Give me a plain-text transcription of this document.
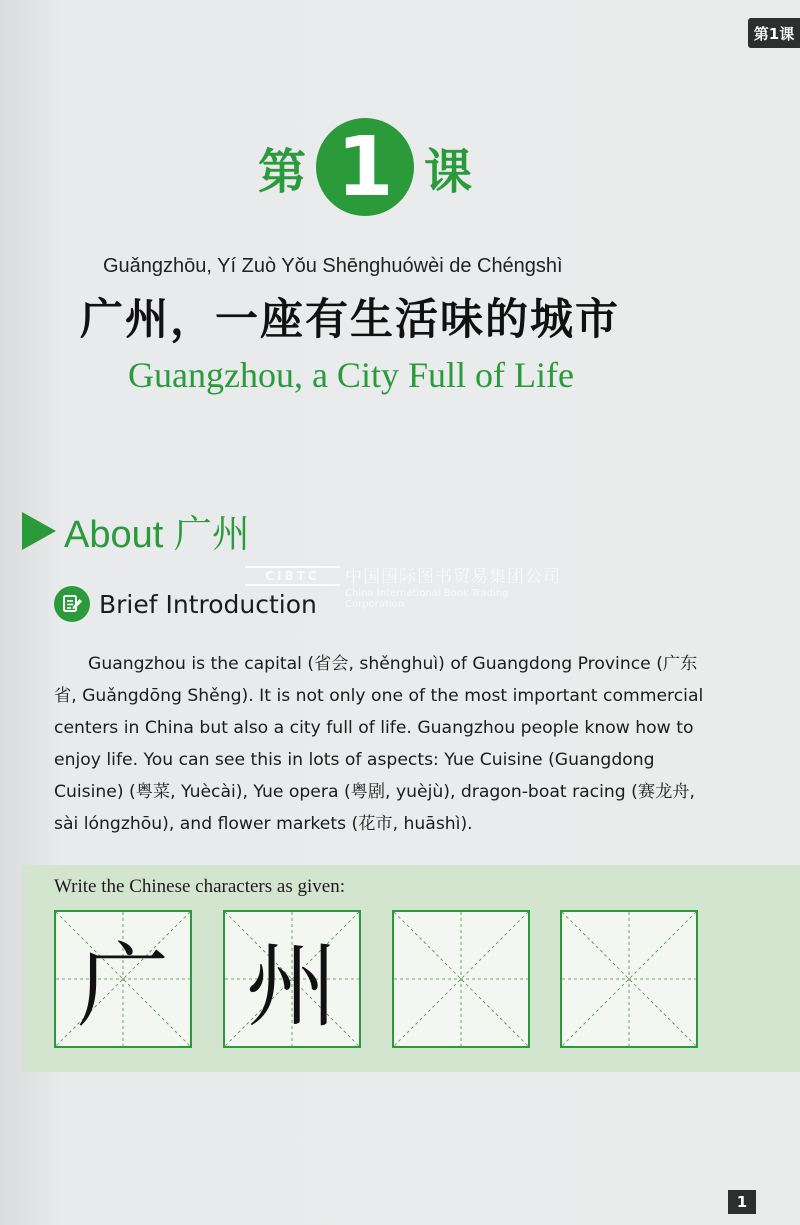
第1课
第 1 课
Guǎngzhōu, Yí Zuò Yǒu Shēnghuówèi de Chéngshì
广州，一座有生活味的城市
Guangzhou, a City Full of Life
About 广州
CIBTC	中国国际图书贸易集团公司
China International Book Trading Corporation
Brief Introduction
Guangzhou is the capital (省会, shěnghuì) of Guangdong Province (广东省, Guǎngdōng Shěng). It is not only one of the most important commercial centers in China but also a city full of life. Guangzhou people know how to enjoy life. You can see this in lots of aspects: Yue Cuisine (Guangdong Cuisine) (粤菜, Yuècài), Yue opera (粤剧, yuèjù), dragon-boat racing (赛龙舟, sài lóngzhōu), and flower markets (花市, huāshì).
Write the Chinese characters as given:
广 州
1
